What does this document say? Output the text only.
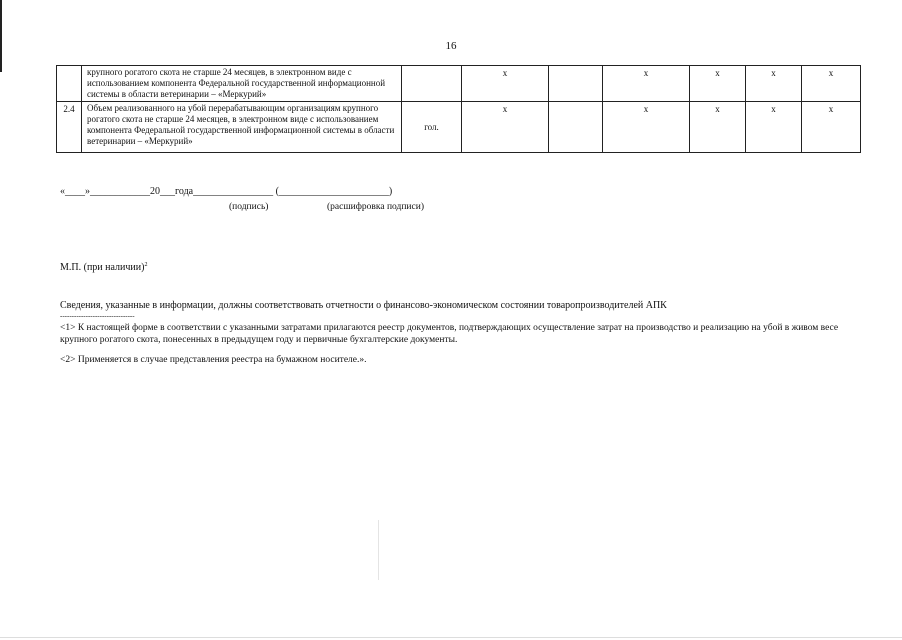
16
	крупного рогатого скота не старше 24 месяцев, в электронном виде с использованием компонента Федеральной государственной информационной системы в области ветеринарии – «Меркурий»		х		х	х	х	х
2.4	Объем реализованного на убой перерабатывающим организациям крупного рогатого скота не старше 24 месяцев, в электронном виде с использованием компонента Федеральной государственной информационной системы в области ветеринарии – «Меркурий»	гол.	х		х	х	х	х
«____»____________20___года________________ (______________________)
(подпись)	(расшифровка подписи)
М.П. (при наличии)$^2$
Сведения, указанные в информации, должны соответствовать отчетности о финансово-экономическом состоянии товаропроизводителей АПК
--------------------------------
<1> К настоящей форме в соответствии с указанными затратами прилагаются реестр документов, подтверждающих осуществление затрат на производство и реализацию на убой в живом весе крупного рогатого скота, понесенных в предыдущем году и первичные бухгалтерские документы.
<2> Применяется в случае представления реестра на бумажном носителе.».
